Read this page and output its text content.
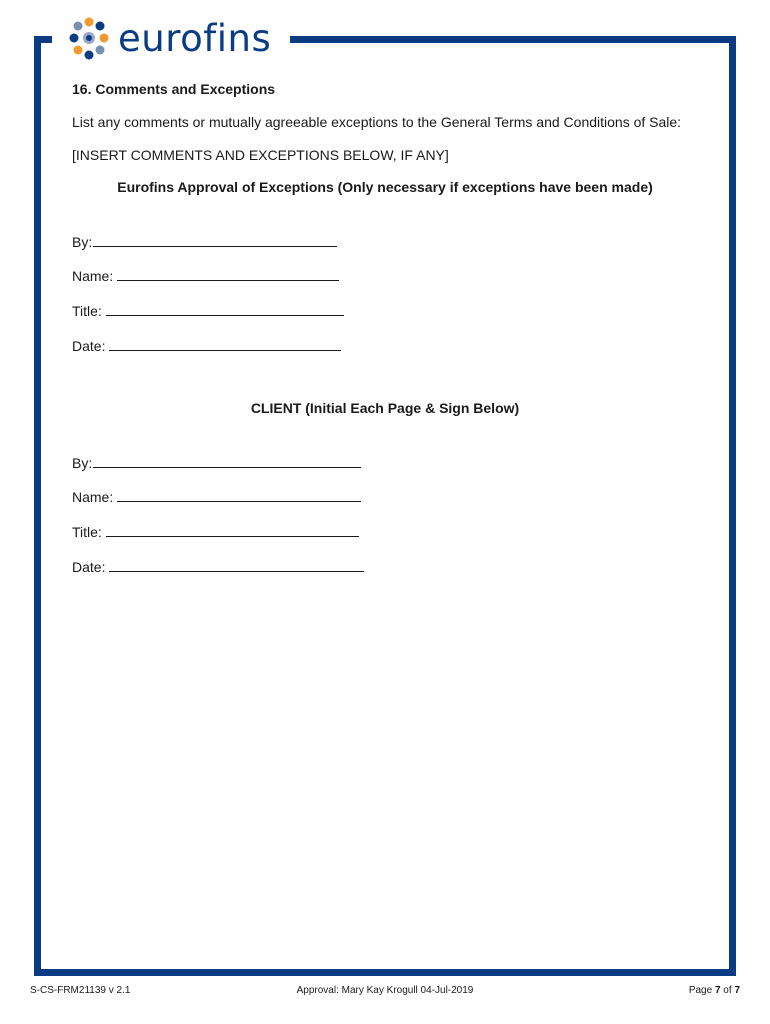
eurofins
16. Comments and Exceptions
List any comments or mutually agreeable exceptions to the General Terms and Conditions of Sale:
[INSERT COMMENTS AND EXCEPTIONS BELOW, IF ANY]
Eurofins Approval of Exceptions (Only necessary if exceptions have been made)
By:
Name:
Title:
Date:
CLIENT (Initial Each Page & Sign Below)
By:
Name:
Title:
Date:
S-CS-FRM21139 v 2.1	Approval: Mary Kay Krogull 04-Jul-2019	Page 7 of 7
